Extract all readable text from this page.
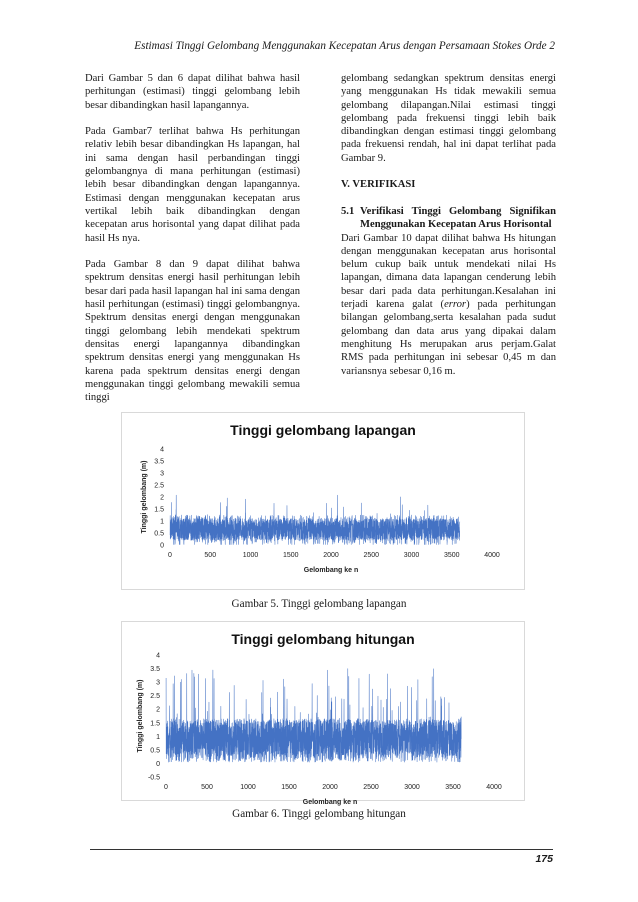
Estimasi Tinggi Gelombang Menggunakan Kecepatan Arus dengan Persamaan Stokes Orde 2

Dari Gambar 5 dan 6 dapat dilihat bahwa hasil perhitungan (estimasi) tinggi gelombang lebih besar dibandingkan hasil lapangannya.

Pada Gambar7 terlihat bahwa Hs perhitungan relativ lebih besar dibandingkan Hs lapangan, hal ini sama dengan hasil perbandingan tinggi gelombangnya di mana perhitungan (estimasi) lebih besar dibandingkan dengan lapangannya. Estimasi dengan menggunakan kecepatan arus vertikal lebih baik dibandingkan dengan kecepatan arus horisontal yang dapat dilihat pada hasil Hs nya.

Pada Gambar 8 dan 9 dapat dilihat bahwa spektrum densitas energi hasil perhitungan lebih besar dari pada hasil lapangan hal ini sama dengan hasil perhitungan (estimasi) tinggi gelombangnya. Spektrum densitas energi dengan menggunakan tinggi gelombang lebih mendekati spektrum densitas energi lapangannya dibandingkan spektrum densitas energi yang menggunakan Hs karena pada spektrum densitas energi dengan menggunakan tinggi gelombang mewakili semua tinggi

gelombang sedangkan spektrum densitas energi yang menggunakan Hs tidak mewakili semua gelombang dilapangan.Nilai estimasi tinggi gelombang pada frekuensi tinggi lebih baik dibandingkan dengan estimasi tinggi gelombang pada frekuensi rendah, hal ini dapat terlihat pada Gambar 9.

V. VERIFIKASI

5.1 Verifikasi Tinggi Gelombang Signifikan Menggunakan Kecepatan Arus Horisontal

Dari Gambar 10 dapat dilihat bahwa Hs hitungan dengan menggunakan kecepatan arus horisontal belum cukup baik untuk mendekati nilai Hs lapangan, dimana data lapangan cenderung lebih besar dari pada data perhitungan.Kesalahan ini terjadi karena galat (error) pada perhitungan bilangan gelombang,serta kesalahan pada sudut gelombang dan data arus yang dipakai dalam menghitung Hs merupakan arus perjam.Galat RMS pada perhitungan ini sebesar 0,45 m dan variansnya sebesar 0,16 m.

Tinggi gelombang lapangan
0
0.5
1
1.5
2
2.5
3
3.5
4
0	500	1000	1500	2000	2500	3000	3500	4000
Gelombang ke n
Tinggi gelombang (m)
Gambar 5. Tinggi gelombang lapangan
Tinggi gelombang hitungan
-0.5
0
0.5
1
1.5
2
2.5
3
3.5
4
0	500	1000	1500	2000	2500	3000	3500	4000
Gelombang ke n
Tinggi gelombang (m)
Gambar 6. Tinggi gelombang hitungan
175
